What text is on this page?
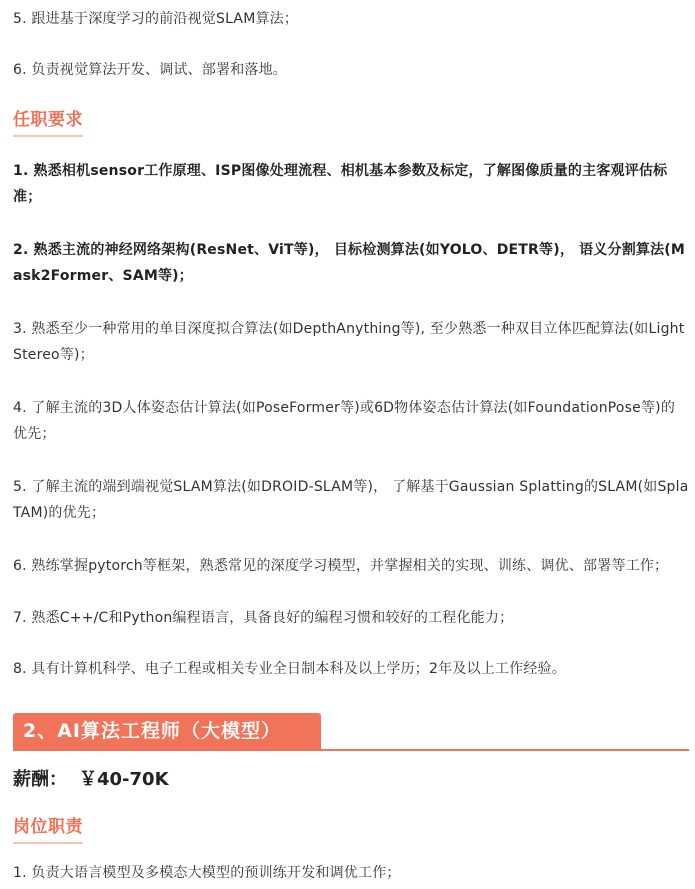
5. 跟进基于深度学习的前沿视觉SLAM算法；

6. 负责视觉算法开发、调试、部署和落地。

任职要求

1. 熟悉相机sensor工作原理、ISP图像处理流程、相机基本参数及标定，了解图像质量的主客观评估标准；

2. 熟悉主流的神经网络架构(ResNet、ViT等)， 目标检测算法(如YOLO、DETR等)， 语义分割算法(Mask2Former、SAM等)；

3. 熟悉至少一种常用的单目深度拟合算法(如DepthAnything等), 至少熟悉一种双目立体匹配算法(如LightStereo等)；

4. 了解主流的3D人体姿态估计算法(如PoseFormer等)或6D物体姿态估计算法(如FoundationPose等)的优先；

5. 了解主流的端到端视觉SLAM算法(如DROID-SLAM等)， 了解基于Gaussian Splatting的SLAM(如SplaTAM)的优先；

6. 熟练掌握pytorch等框架，熟悉常见的深度学习模型，并掌握相关的实现、训练、调优、部署等工作；

7. 熟悉C++/C和Python编程语言，具备良好的编程习惯和较好的工程化能力；

8. 具有计算机科学、电子工程或相关专业全日制本科及以上学历；2年及以上工作经验。

2、AI算法工程师（大模型）
薪酬： ￥40-70K
岗位职责

1. 负责大语言模型及多模态大模型的预训练开发和调优工作；
